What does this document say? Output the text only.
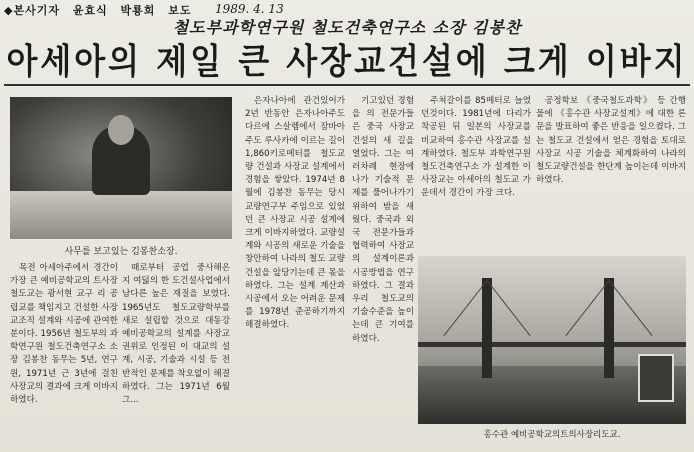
◆본사기자 윤효식 박룡희 보도	1989. 4. 13
철도부과학연구원 철도건축연구소 소장 김봉찬
아세아의 제일 큰 사장교건설에 크게 이바지
사무를 보고있는 김봉찬소장.

목전 아세아주에서 경간이 가장 큰 예비공학교의 트사장철도교는 광서현 교구 리 공립교를 책임지고 건설한 사장교조직 설계와 시공에 관여한 분이다. 1956년 철도부의 과학연구원 철도건축연구소 소장 김봉찬 동무는 5년, 연구원, 1971년 근 3년에 걸친 사장교의 결과에 크게 이바지하였다.

때로부터 공업 중사해온 지 여덟의 한 도건설사업에서 남다른 높은 재질을 보였다. 1965년도 철도교량학부를 새로 설립할 것으로 대동강 예비공학교의 설계를 사장교 권위로 인정된 이 대교의 설계, 시공, 기술과 시설 등 전반적인 문제를 착오없이 해결하였다. 그는 1971년 6월 그...

은자나아에 관건있어가 2년 반동안 은자나아주도 다르에 스살렘에서 잠바아주도 루사카에 이르는 길이 1,860키로메터를 철도교량 건설과 사장교 설계에서 경험을 쌓았다. 1974년 8월에 김봉찬 동무는 당시 교량연구부 주임으로 있었던 큰 사장교 시공 설계에 크게 이바지하였다. 교량설계와 시공의 새로운 기술을 창안하여 나라의 철도 교량 건설을 앞당기는데 큰 몫을 하였다. 그는 설계 계산과 시공에서 오는 어려운 문제를 1978년 준공하기까지 해결하였다.

기고있던 경험을 의 전문가들 은 중국 사장교건설의 새 길을 열었다. 그는 여러차례 현장에 나가 기술적 문제를 풀어나가기 위하여 밤을 새웠다. 중국과 외국 전문가들과 협력하여 사장교의 설계이론과 시공방법을 연구하였다. 그 결과 우리 철도교의 기술수준을 높이는데 큰 기여를 하였다.

주쳐갈이를 85메터로 늘였 던것이다. 1981년에 다리가 착공된 뒤 일본의 사장교를 비교하여 홍수관 사장교를 설계하였다. 철도부 과학연구원 철도건축연구소 가 설계한 이 사장교는 아세아의 철도교 가운데서 경간이 가장 크다.

공정학보 《중국철도과학》 등 간행물에 《홍수관 사장교설계》에 대한 론문을 발표하여 좋은 반응을 일으켰다. 그는 철도교 건설에서 얻은 경험을 토대로 사장교 시공 기술을 체계화하여 나라의 철도교량건설을 한단계 높이는데 이바지하였다.

홍수관 예비공학교의트의사장리도교.
